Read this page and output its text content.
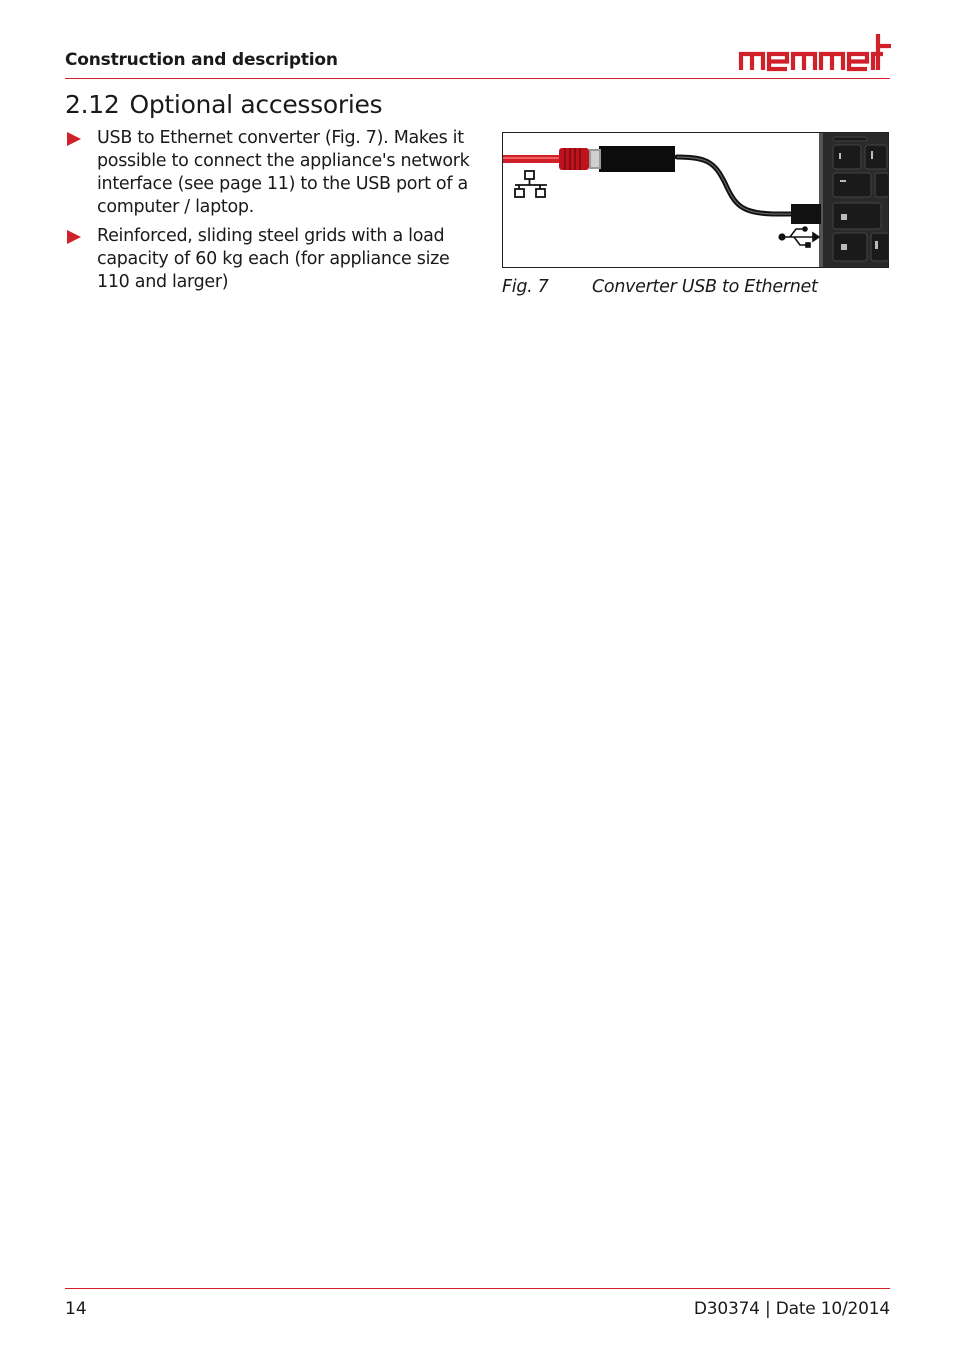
Construction and description
2.12 Optional accessories
USB to Ethernet converter (Fig. 7). Makes it possible to connect the appliance's network interface (see page 11) to the USB port of a computer / laptop.
Reinforced, sliding steel grids with a load capacity of 60 kg each (for appliance size 110 and larger)	Fig. 7 Converter USB to Ethernet
14	D30374 | Date 10/2014
